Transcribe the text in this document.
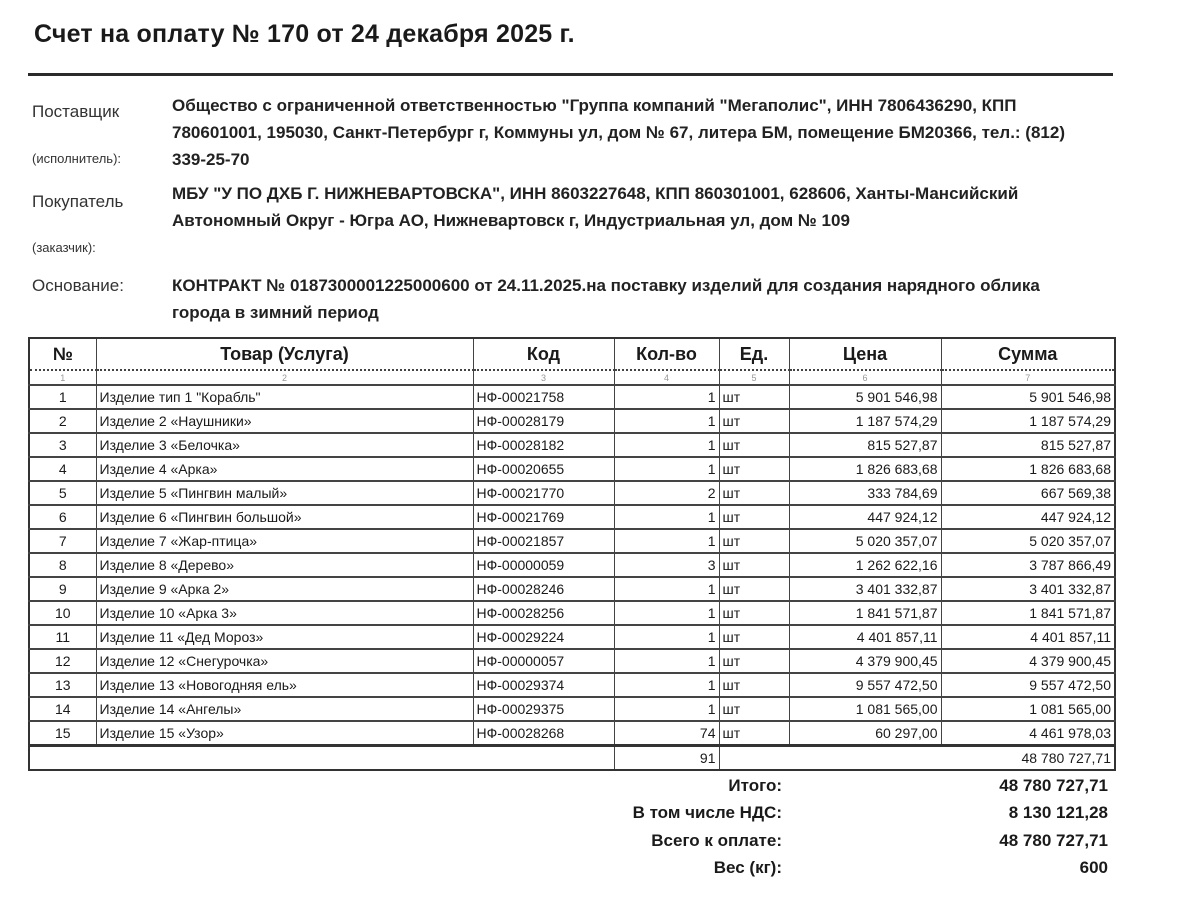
Счет на оплату № 170 от 24 декабря 2025 г.
Поставщик
(исполнитель):
Общество с ограниченной ответственностью "Группа компаний "Мегаполис", ИНН 7806436290, КПП 780601001, 195030, Санкт-Петербург г, Коммуны ул, дом № 67, литера БМ, помещение БМ20366, тел.: (812) 339-25-70
Покупатель
(заказчик):
МБУ "У ПО ДХБ Г. НИЖНЕВАРТОВСКА", ИНН 8603227648, КПП 860301001, 628606, Ханты-Мансийский Автономный Округ - Югра АО, Нижневартовск г, Индустриальная ул, дом № 109
Основание:	КОНТРАКТ № 0187300001225000600 от 24.11.2025.на поставку изделий для создания нарядного облика города в зимний период
№	Товар (Услуга)	Код	Кол-во	Ед.	Цена	Сумма
1	2	3	4	5	6	7
1	Изделие тип 1 "Корабль"	НФ-00021758	1	шт	5 901 546,98	5 901 546,98
2	Изделие 2 «Наушники»	НФ-00028179	1	шт	1 187 574,29	1 187 574,29
3	Изделие 3 «Белочка»	НФ-00028182	1	шт	815 527,87	815 527,87
4	Изделие 4 «Арка»	НФ-00020655	1	шт	1 826 683,68	1 826 683,68
5	Изделие 5 «Пингвин малый»	НФ-00021770	2	шт	333 784,69	667 569,38
6	Изделие 6 «Пингвин большой»	НФ-00021769	1	шт	447 924,12	447 924,12
7	Изделие 7 «Жар-птица»	НФ-00021857	1	шт	5 020 357,07	5 020 357,07
8	Изделие 8 «Дерево»	НФ-00000059	3	шт	1 262 622,16	3 787 866,49
9	Изделие 9 «Арка 2»	НФ-00028246	1	шт	3 401 332,87	3 401 332,87
10	Изделие 10 «Арка 3»	НФ-00028256	1	шт	1 841 571,87	1 841 571,87
11	Изделие 11 «Дед Мороз»	НФ-00029224	1	шт	4 401 857,11	4 401 857,11
12	Изделие 12 «Снегурочка»	НФ-00000057	1	шт	4 379 900,45	4 379 900,45
13	Изделие 13 «Новогодняя ель»	НФ-00029374	1	шт	9 557 472,50	9 557 472,50
14	Изделие 14 «Ангелы»	НФ-00029375	1	шт	1 081 565,00	1 081 565,00
15	Изделие 15 «Узор»	НФ-00028268	74	шт	60 297,00	4 461 978,03
			91	48 780 727,71		
Итого:	48 780 727,71
В том числе НДС:	8 130 121,28
Всего к оплате:	48 780 727,71
Вес (кг):	600
